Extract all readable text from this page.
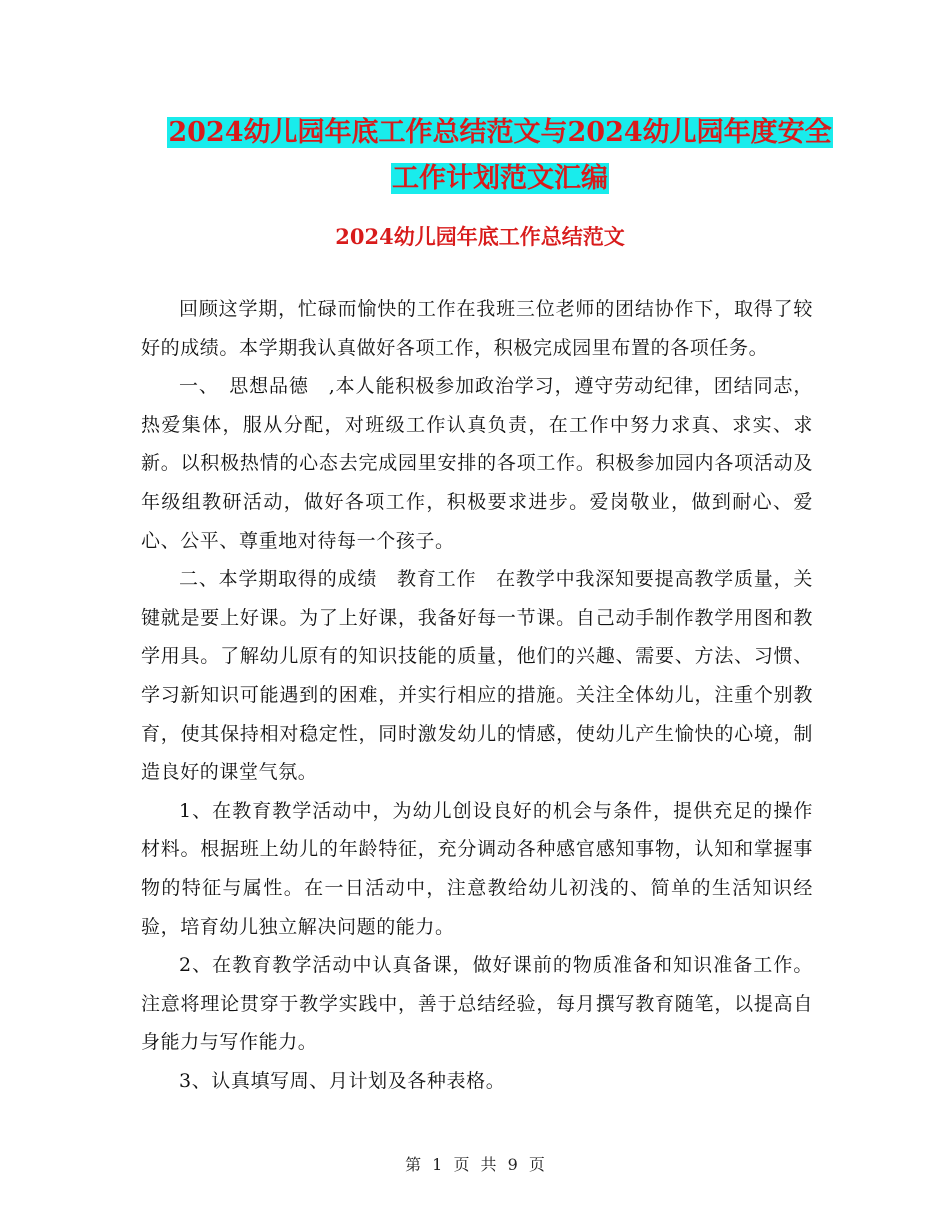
2024幼儿园年底工作总结范文与2024幼儿园年度安全
工作计划范文汇编
2024幼儿园年底工作总结范文

回顾这学期，忙碌而愉快的工作在我班三位老师的团结协作下，取得了较好的成绩。本学期我认真做好各项工作，积极完成园里布置的各项任务。

一、　思想品德　,本人能积极参加政治学习，遵守劳动纪律，团结同志，热爱集体，服从分配，对班级工作认真负责，在工作中努力求真、求实、求新。以积极热情的心态去完成园里安排的各项工作。积极参加园内各项活动及年级组教研活动，做好各项工作，积极要求进步。爱岗敬业，做到耐心、爱心、公平、尊重地对待每一个孩子。

二、本学期取得的成绩　教育工作　在教学中我深知要提高教学质量，关键就是要上好课。为了上好课，我备好每一节课。自己动手制作教学用图和教学用具。了解幼儿原有的知识技能的质量，他们的兴趣、需要、方法、习惯、学习新知识可能遇到的困难，并实行相应的措施。关注全体幼儿，注重个别教育，使其保持相对稳定性，同时激发幼儿的情感，使幼儿产生愉快的心境，制造良好的课堂气氛。

1、在教育教学活动中，为幼儿创设良好的机会与条件，提供充足的操作材料。根据班上幼儿的年龄特征，充分调动各种感官感知事物，认知和掌握事物的特征与属性。在一日活动中，注意教给幼儿初浅的、简单的生活知识经验，培育幼儿独立解决问题的能力。

2、在教育教学活动中认真备课，做好课前的物质准备和知识准备工作。注意将理论贯穿于教学实践中，善于总结经验，每月撰写教育随笔，以提高自身能力与写作能力。

3、认真填写周、月计划及各种表格。

第 1 页 共 9 页
